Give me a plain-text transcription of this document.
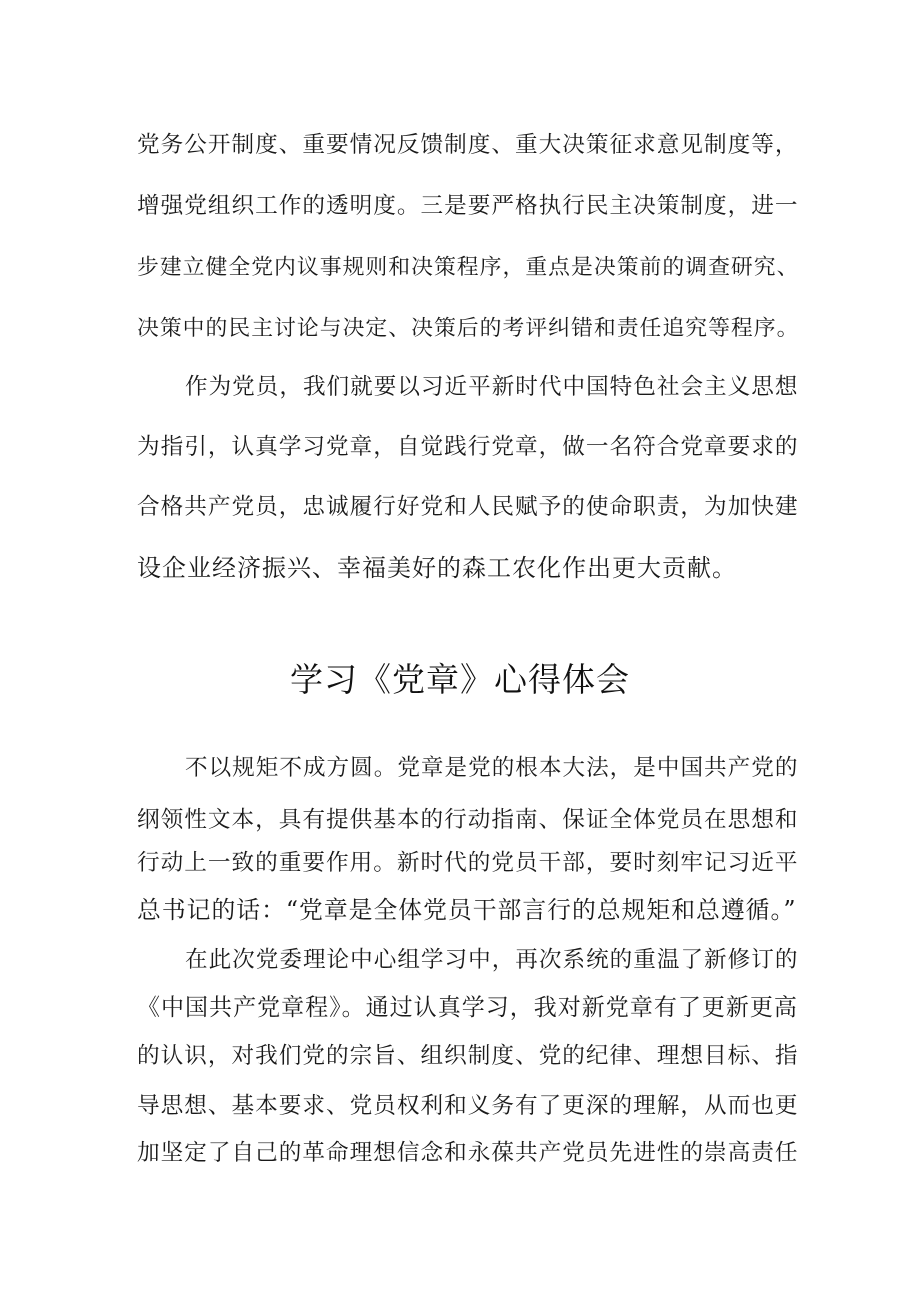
党务公开制度、重要情况反馈制度、重大决策征求意见制度等，
增强党组织工作的透明度。三是要严格执行民主决策制度，进一
步建立健全党内议事规则和决策程序，重点是决策前的调查研究、
决策中的民主讨论与决定、决策后的考评纠错和责任追究等程序。
作为党员，我们就要以习近平新时代中国特色社会主义思想
为指引，认真学习党章，自觉践行党章，做一名符合党章要求的
合格共产党员，忠诚履行好党和人民赋予的使命职责，为加快建
设企业经济振兴、幸福美好的森工农化作出更大贡献。
学习《党章》心得体会
不以规矩不成方圆。党章是党的根本大法，是中国共产党的
纲领性文本，具有提供基本的行动指南、保证全体党员在思想和
行动上一致的重要作用。新时代的党员干部，要时刻牢记习近平
总书记的话：“党章是全体党员干部言行的总规矩和总遵循。”
在此次党委理论中心组学习中，再次系统的重温了新修订的
《中国共产党章程》。通过认真学习，我对新党章有了更新更高
的认识，对我们党的宗旨、组织制度、党的纪律、理想目标、指
导思想、基本要求、党员权利和义务有了更深的理解，从而也更
加坚定了自己的革命理想信念和永葆共产党员先进性的崇高责任
